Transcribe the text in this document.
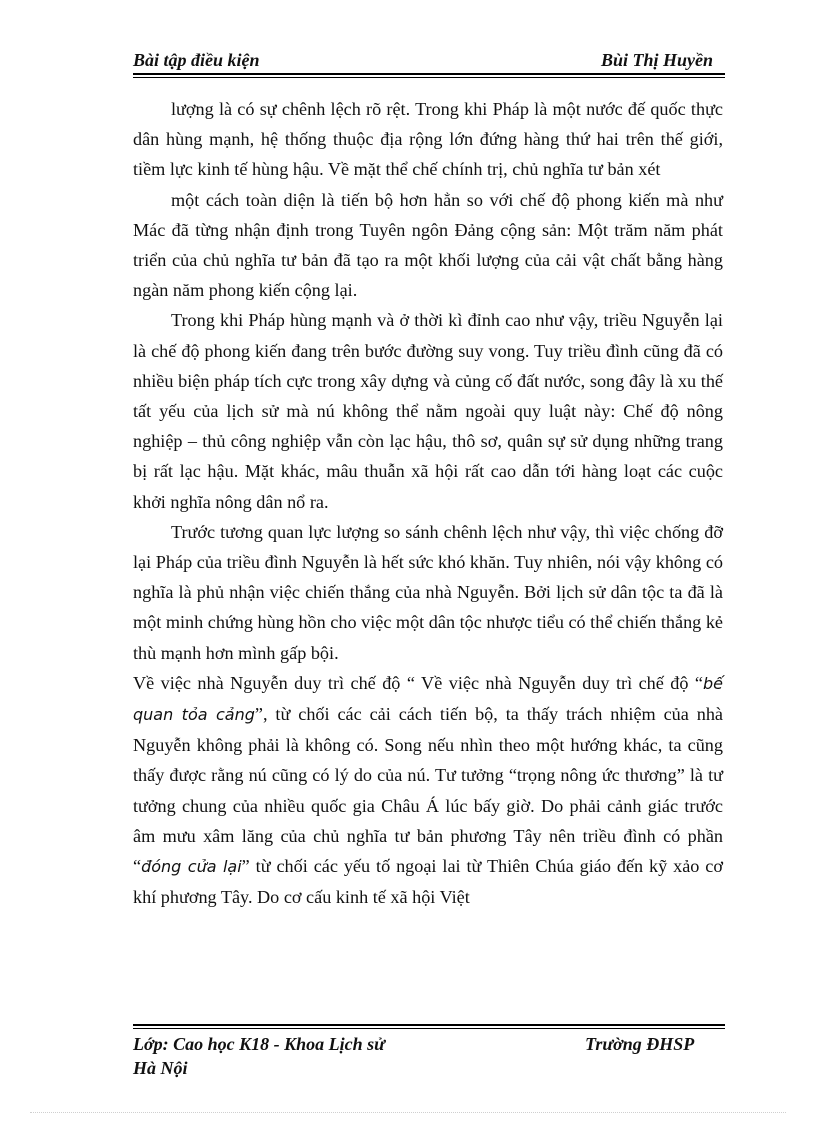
Bài tập điều kiện	Bùi Thị Huyền

lượng là có sự chênh lệch rõ rệt. Trong khi Pháp là một nước đế quốc thực dân hùng mạnh, hệ thống thuộc địa rộng lớn đứng hàng thứ hai trên thế giới, tiềm lực kinh tế hùng hậu. Về mặt thể chế chính trị, chủ nghĩa tư bản xét

một cách toàn diện là tiến bộ hơn hẳn so với chế độ phong kiến mà như Mác đã từng nhận định trong Tuyên ngôn Đảng cộng sản: Một trăm năm phát triển của chủ nghĩa tư bản đã tạo ra một khối lượng của cải vật chất bằng hàng ngàn năm phong kiến cộng lại.

Trong khi Pháp hùng mạnh và ở thời kì đỉnh cao như vậy, triều Nguyễn lại là chế độ phong kiến đang trên bước đường suy vong. Tuy triều đình cũng đã có nhiều biện pháp tích cực trong xây dựng và củng cố đất nước, song đây là xu thế tất yếu của lịch sử mà nú không thể nằm ngoài quy luật này: Chế độ nông nghiệp – thủ công nghiệp vẫn còn lạc hậu, thô sơ, quân sự sử dụng những trang bị rất lạc hậu. Mặt khác, mâu thuẫn xã hội rất cao dẫn tới hàng loạt các cuộc khởi nghĩa nông dân nổ ra.

Trước tương quan lực lượng so sánh chênh lệch như vậy, thì việc chống đỡ lại Pháp của triều đình Nguyễn là hết sức khó khăn. Tuy nhiên, nói vậy không có nghĩa là phủ nhận việc chiến thắng của nhà Nguyễn. Bởi lịch sử dân tộc ta đã là một minh chứng hùng hồn cho việc một dân tộc nhược tiểu có thể chiến thắng kẻ thù mạnh hơn mình gấp bội.

Về việc nhà Nguyễn duy trì chế độ “ Về việc nhà Nguyễn duy trì chế độ “bế quan tỏa cảng”, từ chối các cải cách tiến bộ, ta thấy trách nhiệm của nhà Nguyễn không phải là không có. Song nếu nhìn theo một hướng khác, ta cũng thấy được rằng nú cũng có lý do của nú. Tư tưởng “trọng nông ức thương” là tư tưởng chung của nhiều quốc gia Châu Á lúc bấy giờ. Do phải cảnh giác trước âm mưu xâm lăng của chủ nghĩa tư bản phương Tây nên triều đình có phần “đóng cửa lại” từ chối các yếu tố ngoại lai từ Thiên Chúa giáo đến kỹ xảo cơ khí phương Tây. Do cơ cấu kinh tế xã hội Việt

Lớp: Cao học K18 - Khoa Lịch sử	Trường ĐHSP
Hà Nội
